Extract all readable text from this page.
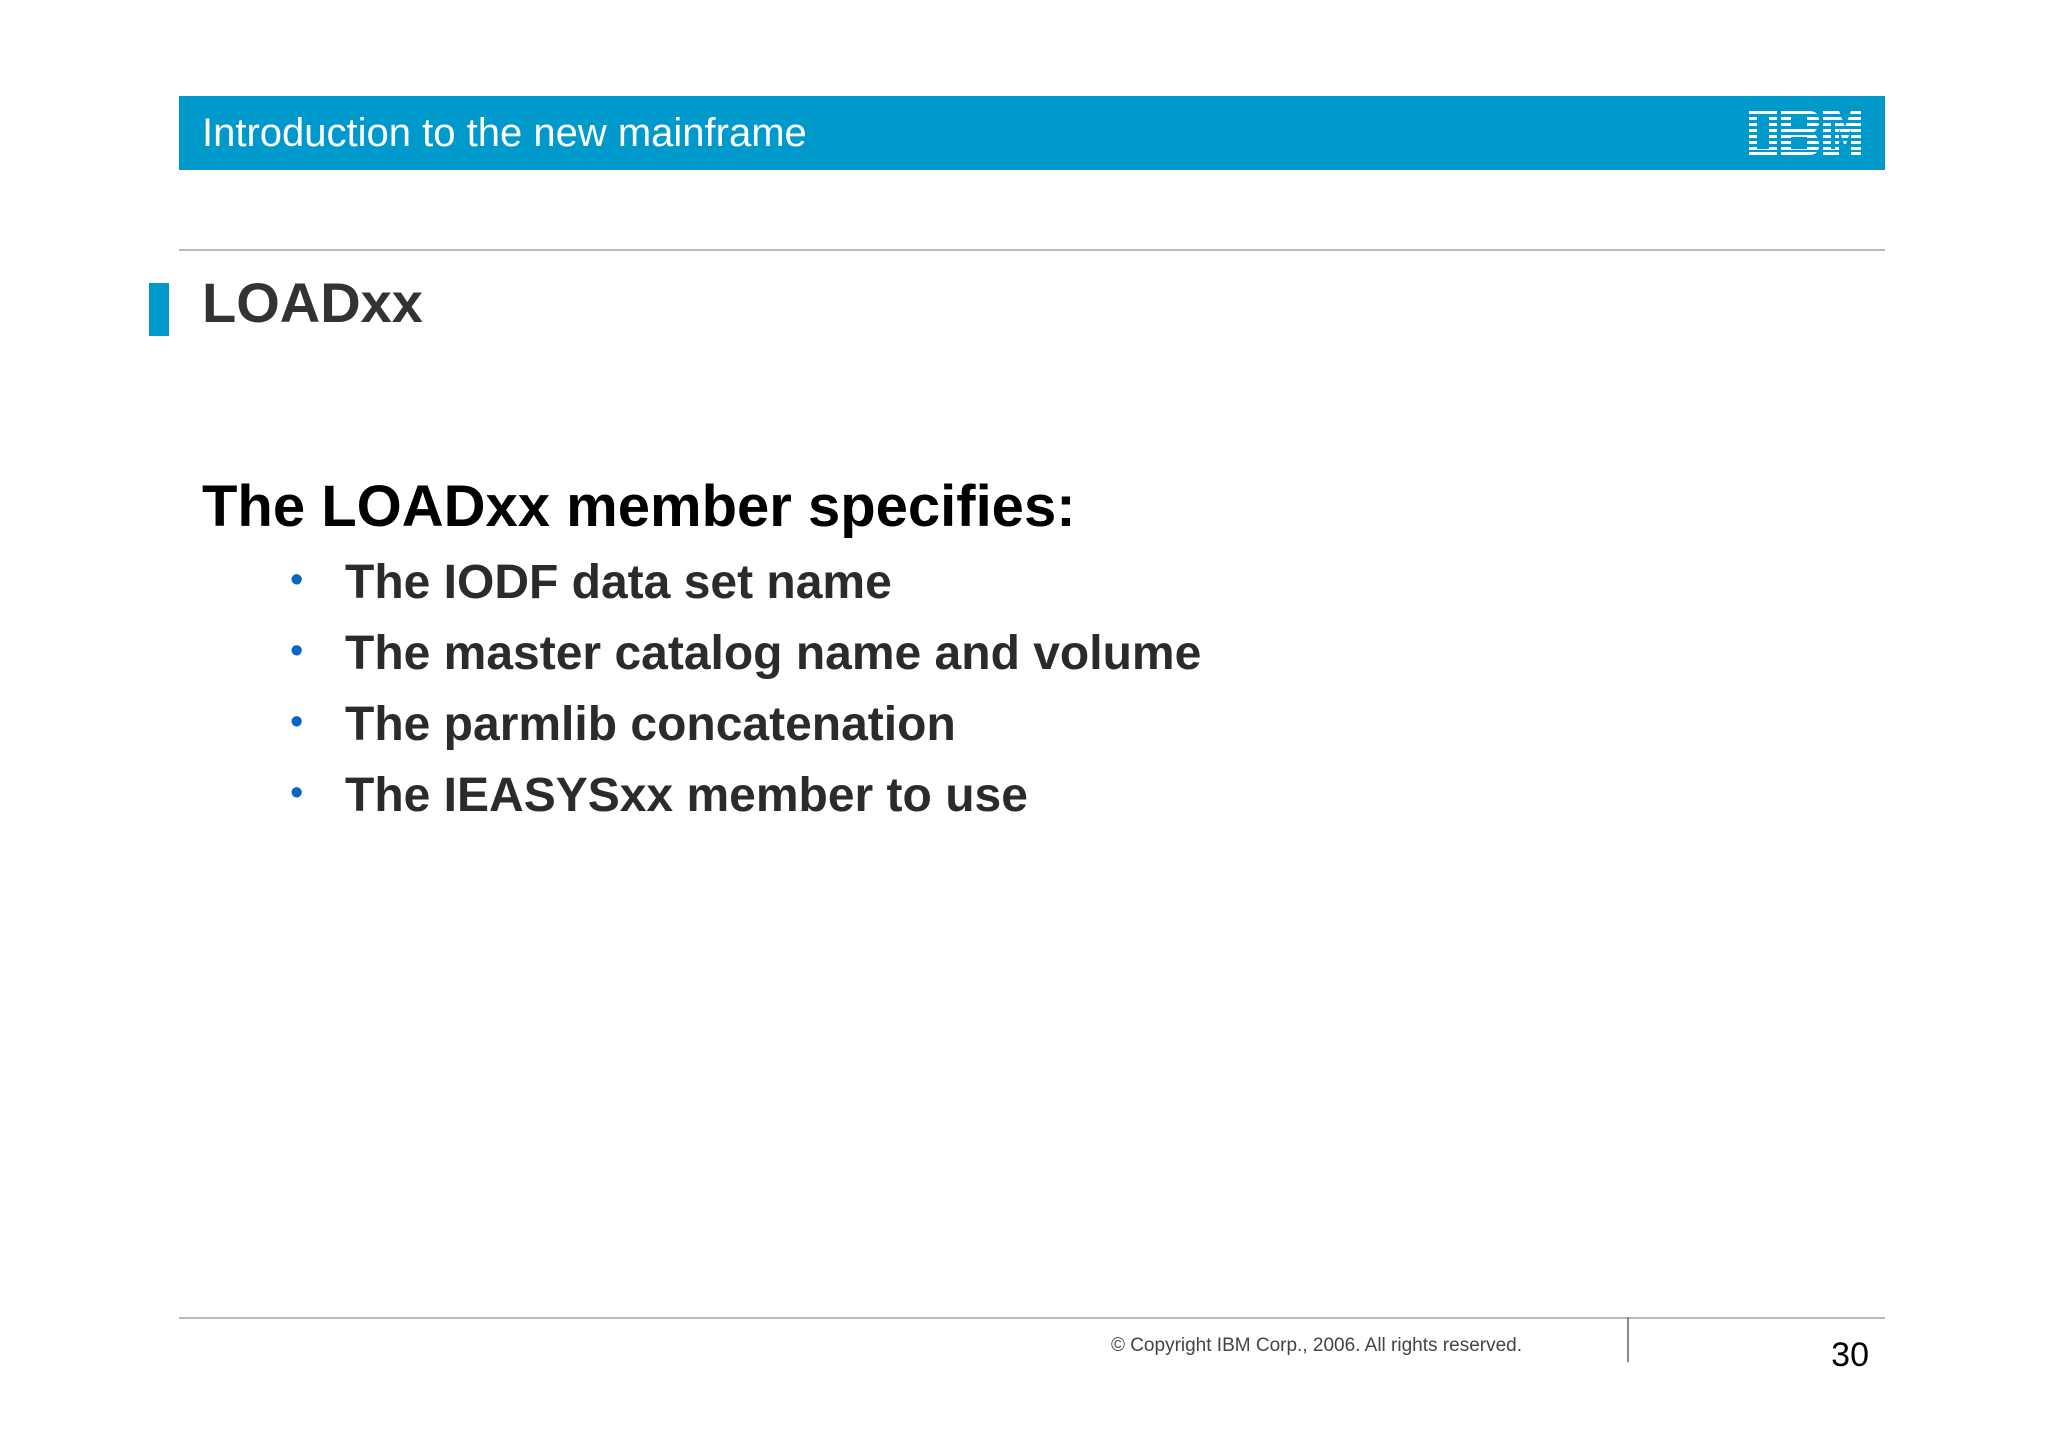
Introduction to the new mainframe
LOADxx
The LOADxx member specifies:
• The IODF data set name
• The master catalog name and volume
• The parmlib concatenation
• The IEASYSxx member to use
© Copyright IBM Corp., 2006. All rights reserved.	30
